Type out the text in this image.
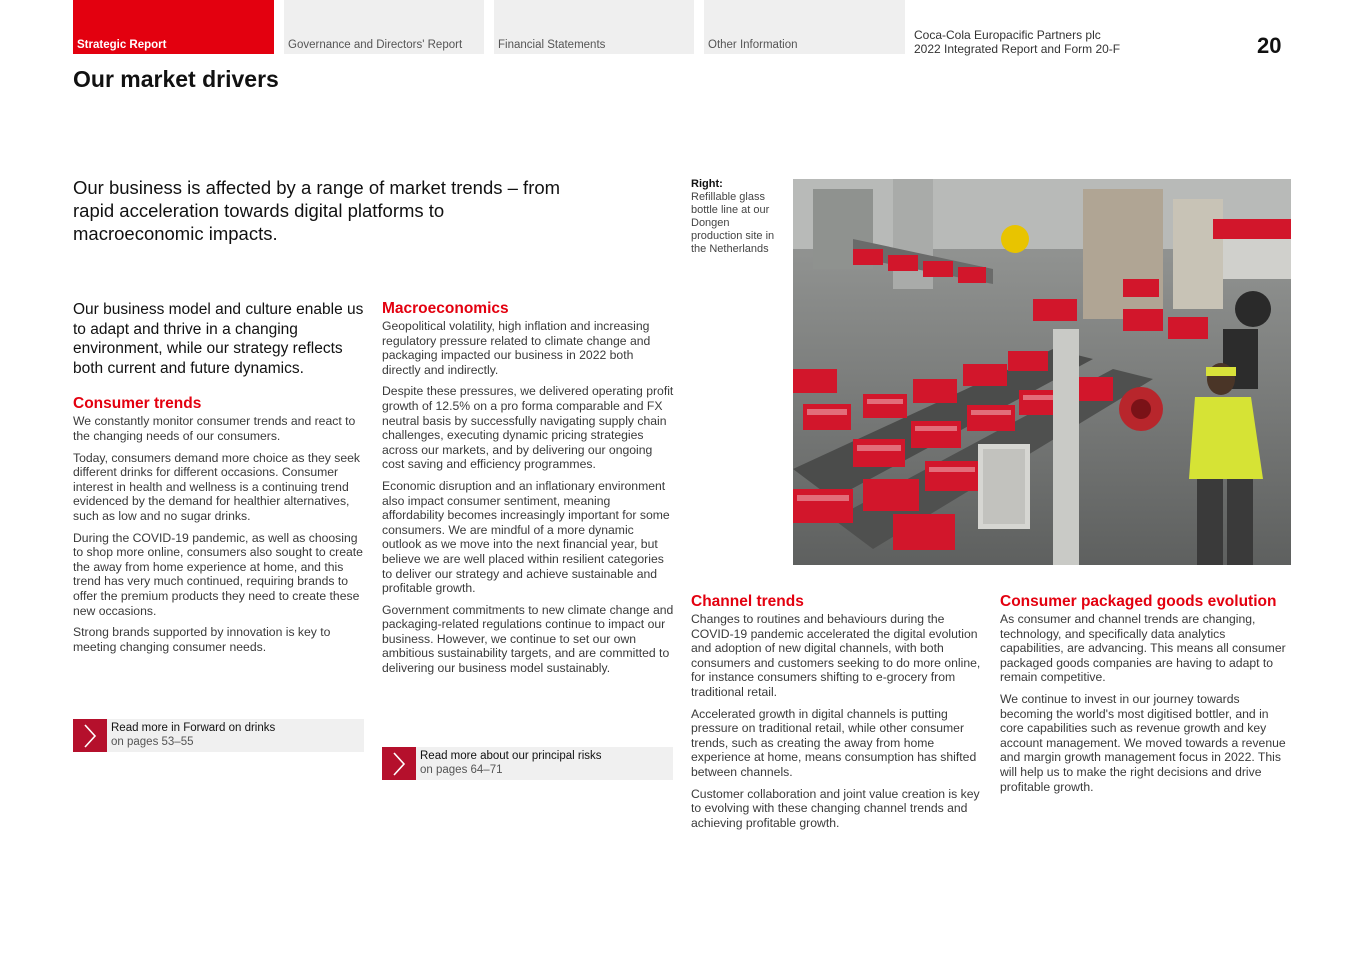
Strategic Report	Governance and Directors' Report	Financial Statements	Other Information
Coca-Cola Europacific Partners plc
2022 Integrated Report and Form 20-F	20
Our market drivers

Our business is affected by a range of market trends – from rapid acceleration towards digital platforms to macroeconomic impacts.

Right:
Refillable glass bottle line at our Dongen production site in the Netherlands

Our business model and culture enable us to adapt and thrive in a changing environment, while our strategy reflects both current and future dynamics.

Consumer trends

We constantly monitor consumer trends and react to the changing needs of our consumers.

Today, consumers demand more choice as they seek different drinks for different occasions. Consumer interest in health and wellness is a continuing trend evidenced by the demand for healthier alternatives, such as low and no sugar drinks.

During the COVID-19 pandemic, as well as choosing to shop more online, consumers also sought to create the away from home experience at home, and this trend has very much continued, requiring brands to offer the premium products they need to create these new occasions.

Strong brands supported by innovation is key to meeting changing consumer needs.

Read more in Forward on drinks
on pages 53–55
Macroeconomics

Geopolitical volatility, high inflation and increasing regulatory pressure related to climate change and packaging impacted our business in 2022 both directly and indirectly.

Despite these pressures, we delivered operating profit growth of 12.5% on a pro forma comparable and FX neutral basis by successfully navigating supply chain challenges, executing dynamic pricing strategies across our markets, and by delivering our ongoing cost saving and efficiency programmes.

Economic disruption and an inflationary environment also impact consumer sentiment, meaning affordability becomes increasingly important for some consumers. We are mindful of a more dynamic outlook as we move into the next financial year, but believe we are well placed within resilient categories to deliver our strategy and achieve sustainable and profitable growth.

Government commitments to new climate change and packaging-related regulations continue to impact our business. However, we continue to set our own ambitious sustainability targets, and are committed to delivering our business model sustainably.

Read more about our principal risks
on pages 64–71
Channel trends

Changes to routines and behaviours during the COVID-19 pandemic accelerated the digital evolution and adoption of new digital channels, with both consumers and customers seeking to do more online, for instance consumers shifting to e-grocery from traditional retail.

Accelerated growth in digital channels is putting pressure on traditional retail, while other consumer trends, such as creating the away from home experience at home, means consumption has shifted between channels.

Customer collaboration and joint value creation is key to evolving with these changing channel trends and achieving profitable growth.

Consumer packaged goods evolution

As consumer and channel trends are changing, technology, and specifically data analytics capabilities, are advancing. This means all consumer packaged goods companies are having to adapt to remain competitive.

We continue to invest in our journey towards becoming the world's most digitised bottler, and in core capabilities such as revenue growth and key account management. We moved towards a revenue and margin growth management focus in 2022. This will help us to make the right decisions and drive profitable growth.
